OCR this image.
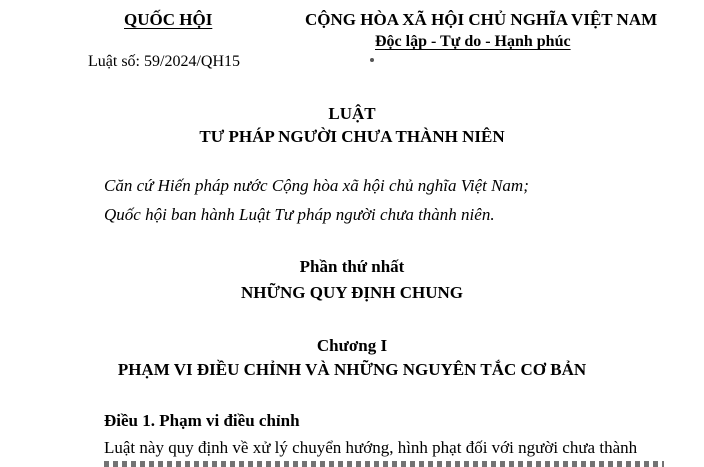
QUỐC HỘI	CỘNG HÒA XÃ HỘI CHỦ NGHĨA VIỆT NAM
Độc lập - Tự do - Hạnh phúc
Luật số: 59/2024/QH15
LUẬT
TƯ PHÁP NGƯỜI CHƯA THÀNH NIÊN
Căn cứ Hiến pháp nước Cộng hòa xã hội chủ nghĩa Việt Nam;
Quốc hội ban hành Luật Tư pháp người chưa thành niên.
Phần thứ nhất
NHỮNG QUY ĐỊNH CHUNG
Chương I
PHẠM VI ĐIỀU CHỈNH VÀ NHỮNG NGUYÊN TẮC CƠ BẢN
Điều 1. Phạm vi điều chỉnh
Luật này quy định về xử lý chuyển hướng, hình phạt đối với người chưa thành
